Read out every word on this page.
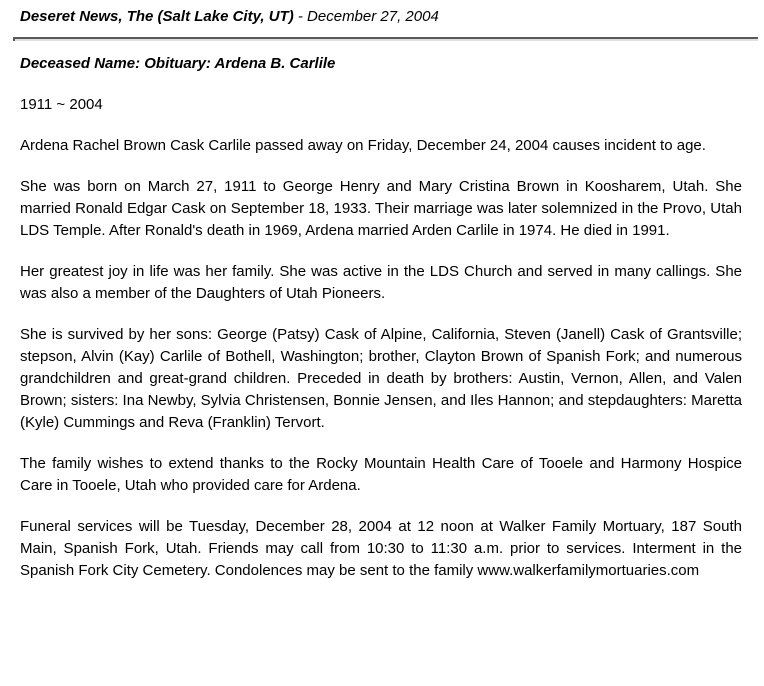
Deseret News, The (Salt Lake City, UT) - December 27, 2004

Deceased Name: Obituary: Ardena B. Carlile

1911 ~ 2004

Ardena Rachel Brown Cask Carlile passed away on Friday, December 24, 2004 causes incident to age.

She was born on March 27, 1911 to George Henry and Mary Cristina Brown in Koosharem, Utah. She married Ronald Edgar Cask on September 18, 1933. Their marriage was later solemnized in the Provo, Utah LDS Temple. After Ronald's death in 1969, Ardena married Arden Carlile in 1974. He died in 1991.

Her greatest joy in life was her family. She was active in the LDS Church and served in many callings. She was also a member of the Daughters of Utah Pioneers.

She is survived by her sons: George (Patsy) Cask of Alpine, California, Steven (Janell) Cask of Grantsville; stepson, Alvin (Kay) Carlile of Bothell, Washington; brother, Clayton Brown of Spanish Fork; and numerous grandchildren and great-grand children. Preceded in death by brothers: Austin, Vernon, Allen, and Valen Brown; sisters: Ina Newby, Sylvia Christensen, Bonnie Jensen, and Iles Hannon; and stepdaughters: Maretta (Kyle) Cummings and Reva (Franklin) Tervort.

The family wishes to extend thanks to the Rocky Mountain Health Care of Tooele and Harmony Hospice Care in Tooele, Utah who provided care for Ardena.

Funeral services will be Tuesday, December 28, 2004 at 12 noon at Walker Family Mortuary, 187 South Main, Spanish Fork, Utah. Friends may call from 10:30 to 11:30 a.m. prior to services. Interment in the Spanish Fork City Cemetery. Condolences may be sent to the family www.walkerfamilymortuaries.com
